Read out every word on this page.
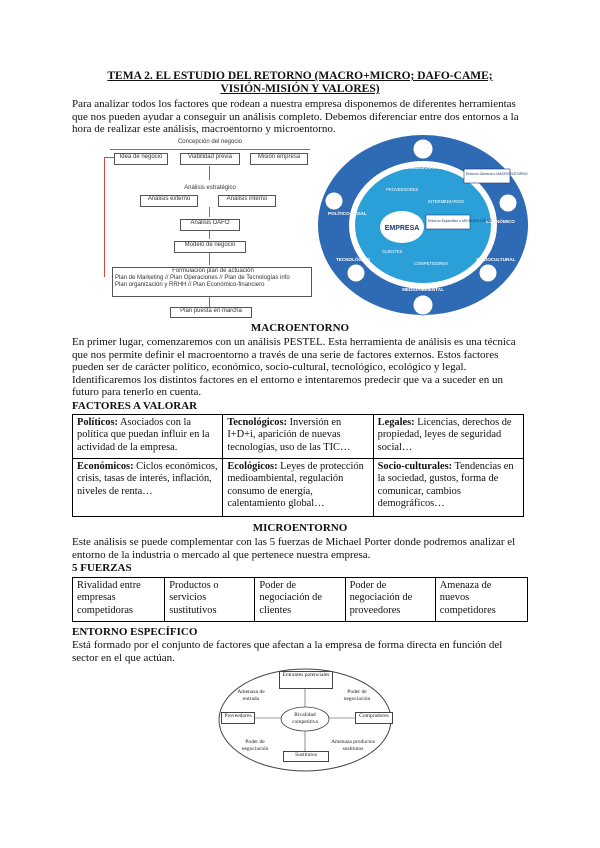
TEMA 2. EL ESTUDIO DEL RETORNO (MACRO+MICRO; DAFO-CAME;
VISIÓN-MISIÓN Y VALORES)
Para analizar todos los factores que rodean a nuestra empresa disponemos de diferentes herramientas que nos pueden ayudar a conseguir un análisis completo. Debemos diferenciar entre dos entornos a la hora de realizar este análisis, macroentorno y microentorno.
Concepción del negocio
Idea de negocio	Viabilidad previa	Misión empresa
Análisis estratégico
Análisis externo	Análisis interno
Análisis DAFO
Modelo de negocio
Formulación plan de actuación
Plan de Marketing // Plan Operaciones // Plan de Tecnologías info
Plan organización y RRHH // Plan Económico-financiero
Plan puesta en marcha
EMPRESA
DEMOGRÁFICO
POLÍTICO-LEGAL
ECONÓMICO
TECNOLÓGICO	SOCIOCULTURAL
MEDIOAMBIENTAL
PROVEEDORES
CLIENTES
COMPETIDORES
INTERMEDIARIOS
Entorno General o MACROENTORNO
Entorno Específico o MICROENTORNO
MACROENTORNO
En primer lugar, comenzaremos con un análisis PESTEL. Esta herramienta de análisis es una técnica que nos permite definir el macroentorno a través de una serie de factores externos. Estos factores pueden ser de carácter político, económico, socio-cultural, tecnológico, ecológico y legal. Identificaremos los distintos factores en el entorno e intentaremos predecir que va a suceder en un futuro para tenerlo en cuenta.
FACTORES A VALORAR
Políticos: Asociados con la política que puedan influir en la actividad de la empresa.	Tecnológicos: Inversión en I+D+i, aparición de nuevas tecnologías, uso de las TIC…	Legales: Licencias, derechos de propiedad, leyes de seguridad social…
Económicos: Ciclos económicos, crisis, tasas de interés, inflación, niveles de renta…	Ecológicos: Leyes de protección medioambiental, regulación consumo de energía, calentamiento global…	Socio-culturales: Tendencias en la sociedad, gustos, forma de comunicar, cambios demográficos…
MICROENTORNO
Este análisis se puede complementar con las 5 fuerzas de Michael Porter donde podremos analizar el entorno de la industria o mercado al que pertenece nuestra empresa.
5 FUERZAS
Rivalidad entre empresas competidoras	Productos o servicios sustitutivos	Poder de negociación de clientes	Poder de negociación de proveedores	Amenaza de nuevos competidores
ENTORNO ESPECÍFICO
Está formado por el conjunto de factores que afectan a la empresa de forma directa en función del sector en el que actúan.
Entrantes potenciales
Amenaza de entrada
Poder de negociación
Proveedores	Rivalidad competitiva
Compradores
Poder de negociación
Amenaza productos sustitutos
Sustitutos
